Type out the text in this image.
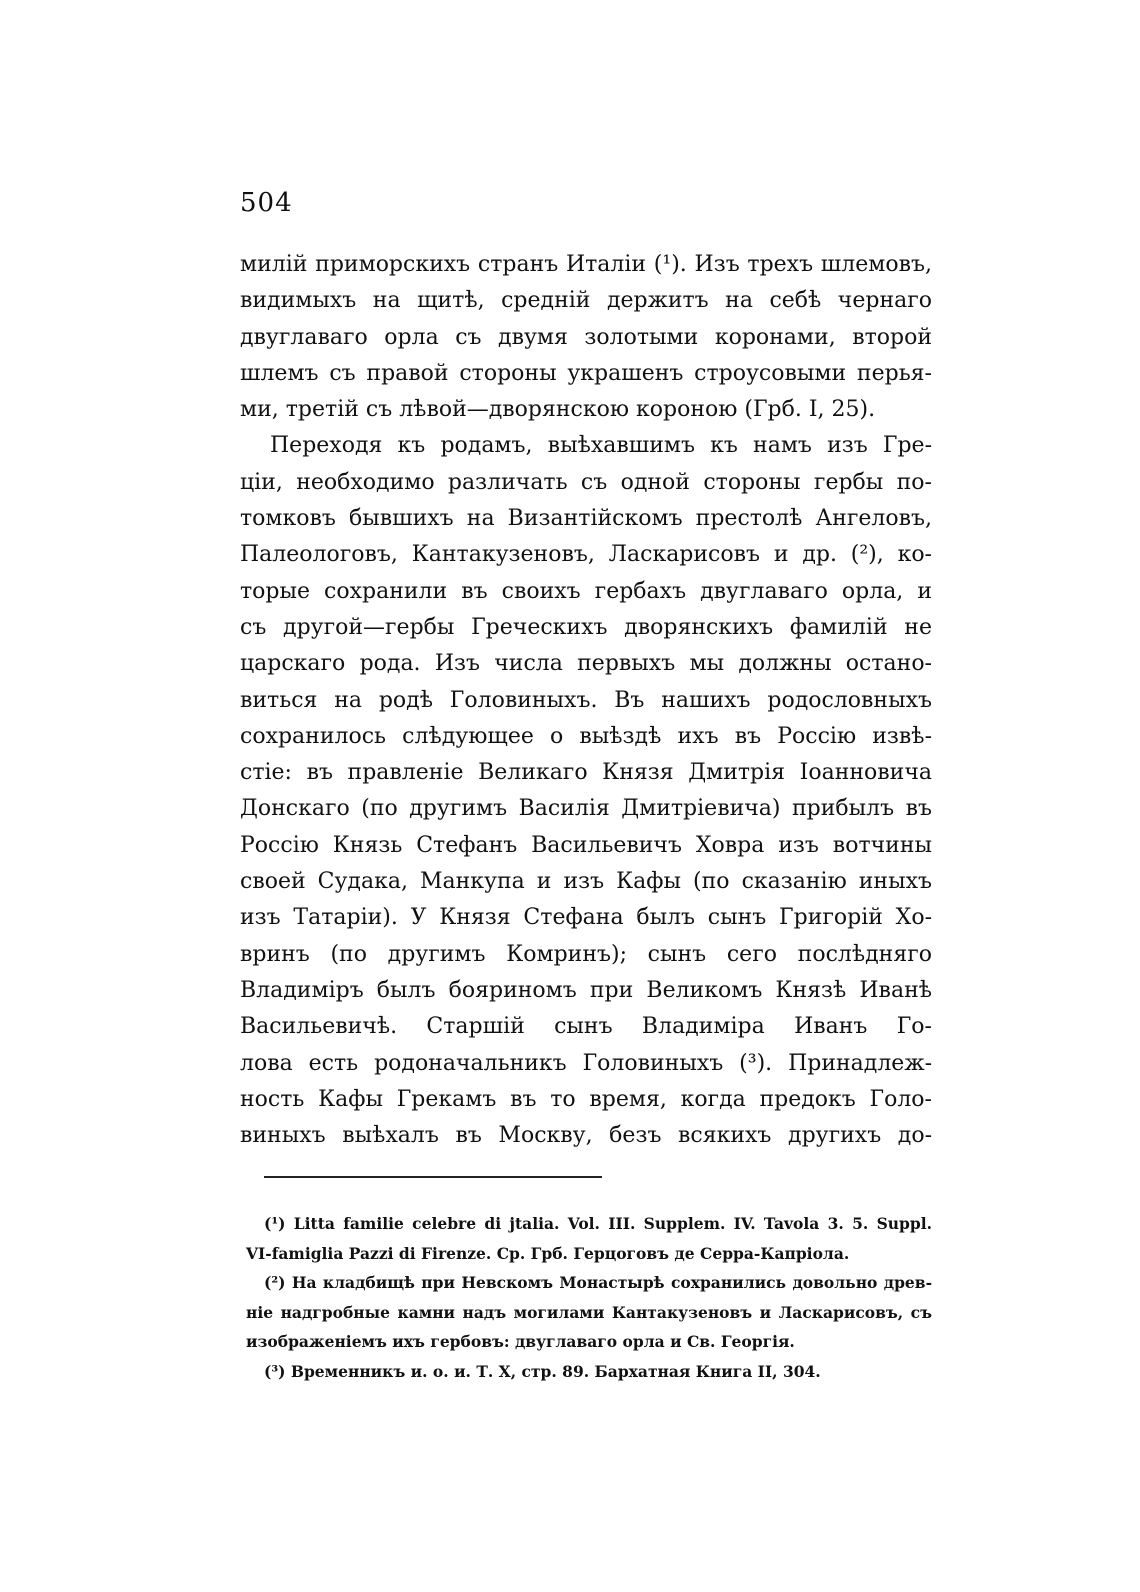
504
милій приморскихъ странъ Италіи (¹). Изъ трехъ шлемовъ,
видимыхъ на щитѣ, средній держитъ на себѣ чернаго
двуглаваго орла съ двумя золотыми коронами, второй
шлемъ съ правой стороны украшенъ строусовыми перья-
ми, третій съ лѣвой—дворянскою короною (Грб. I, 25).
Переходя къ родамъ, выѣхавшимъ къ намъ изъ Гре-
ціи, необходимо различать съ одной стороны гербы по-
томковъ бывшихъ на Византійскомъ престолѣ Ангеловъ,
Палеологовъ, Кантакузеновъ, Ласкарисовъ и др. (²), ко-
торые сохранили въ своихъ гербахъ двуглаваго орла, и
съ другой—гербы Греческихъ дворянскихъ фамилій не
царскаго рода. Изъ числа первыхъ мы должны остано-
виться на родѣ Головиныхъ. Въ нашихъ родословныхъ
сохранилось слѣдующее о выѣздѣ ихъ въ Россію извѣ-
стіе: въ правленіе Великаго Князя Дмитрія Іоанновича
Донскаго (по другимъ Василія Дмитріевича) прибылъ въ
Россію Князь Стефанъ Васильевичъ Ховра изъ вотчины
своей Судака, Манкупа и изъ Кафы (по сказанію иныхъ
изъ Татаріи). У Князя Стефана былъ сынъ Григорій Хо-
вринъ (по другимъ Комринъ); сынъ сего послѣдняго
Владиміръ былъ бояриномъ при Великомъ Князѣ Иванѣ
Васильевичѣ. Старшій сынъ Владиміра Иванъ Го-
лова есть родоначальникъ Головиныхъ (³). Принадлеж-
ность Кафы Грекамъ въ то время, когда предокъ Голо-
виныхъ выѣхалъ въ Москву, безъ всякихъ другихъ до-
(¹) Litta familie celebre di jtalia. Vol. III. Supplem. IV. Tavola 3. 5. Suppl.
VI-famiglia Pazzi di Firenze. Ср. Грб. Герцоговъ де Серра-Капріола.
(²) На кладбищѣ при Невскомъ Монастырѣ сохранились довольно древ-
ніе надгробные камни надъ могилами Кантакузеновъ и Ласкарисовъ, съ
изображеніемъ ихъ гербовъ: двуглаваго орла и Св. Георгія.
(³) Временникъ и. о. и. Т. X, стр. 89. Бархатная Книга II, 304.
